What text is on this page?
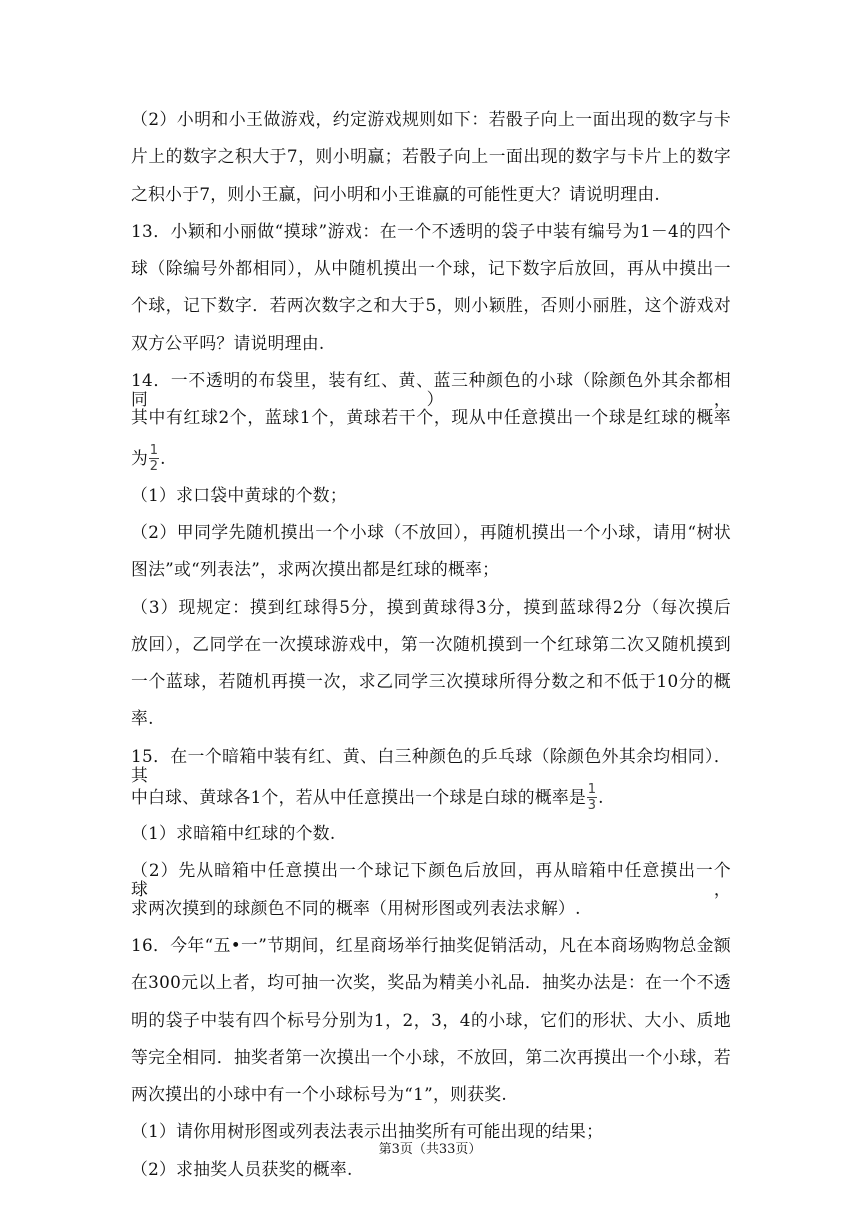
（2）小明和小王做游戏，约定游戏规则如下：若骰子向上一面出现的数字与卡
片上的数字之积大于7，则小明赢；若骰子向上一面出现的数字与卡片上的数字
之积小于7，则小王赢，问小明和小王谁赢的可能性更大？请说明理由.
13．小颖和小丽做“摸球”游戏：在一个不透明的袋子中装有编号为1－4的四个
球（除编号外都相同），从中随机摸出一个球，记下数字后放回，再从中摸出一
个球，记下数字．若两次数字之和大于5，则小颖胜，否则小丽胜，这个游戏对
双方公平吗？请说明理由.
14．一不透明的布袋里，装有红、黄、蓝三种颜色的小球（除颜色外其余都相同），
其中有红球2个，蓝球1个，黄球若干个，现从中任意摸出一个球是红球的概率
为 $\frac{1}{2}$ .
（1）求口袋中黄球的个数；
（2）甲同学先随机摸出一个小球（不放回），再随机摸出一个小球，请用“树状
图法”或“列表法”，求两次摸出都是红球的概率；
（3）现规定：摸到红球得5分，摸到黄球得3分，摸到蓝球得2分（每次摸后
放回），乙同学在一次摸球游戏中，第一次随机摸到一个红球第二次又随机摸到
一个蓝球，若随机再摸一次，求乙同学三次摸球所得分数之和不低于10分的概
率.
15．在一个暗箱中装有红、黄、白三种颜色的乒乓球（除颜色外其余均相同）．其
中白球、黄球各1个，若从中任意摸出一个球是白球的概率是 $\frac{1}{3}$ .
（1）求暗箱中红球的个数.
（2）先从暗箱中任意摸出一个球记下颜色后放回，再从暗箱中任意摸出一个球，
求两次摸到的球颜色不同的概率（用树形图或列表法求解）.
16．今年“五•一”节期间，红星商场举行抽奖促销活动，凡在本商场购物总金额
在300元以上者，均可抽一次奖，奖品为精美小礼品．抽奖办法是：在一个不透
明的袋子中装有四个标号分别为1，2，3，4的小球，它们的形状、大小、质地
等完全相同．抽奖者第一次摸出一个小球，不放回，第二次再摸出一个小球，若
两次摸出的小球中有一个小球标号为“1”，则获奖.
（1）请你用树形图或列表法表示出抽奖所有可能出现的结果；
（2）求抽奖人员获奖的概率.
第3页（共33页）
